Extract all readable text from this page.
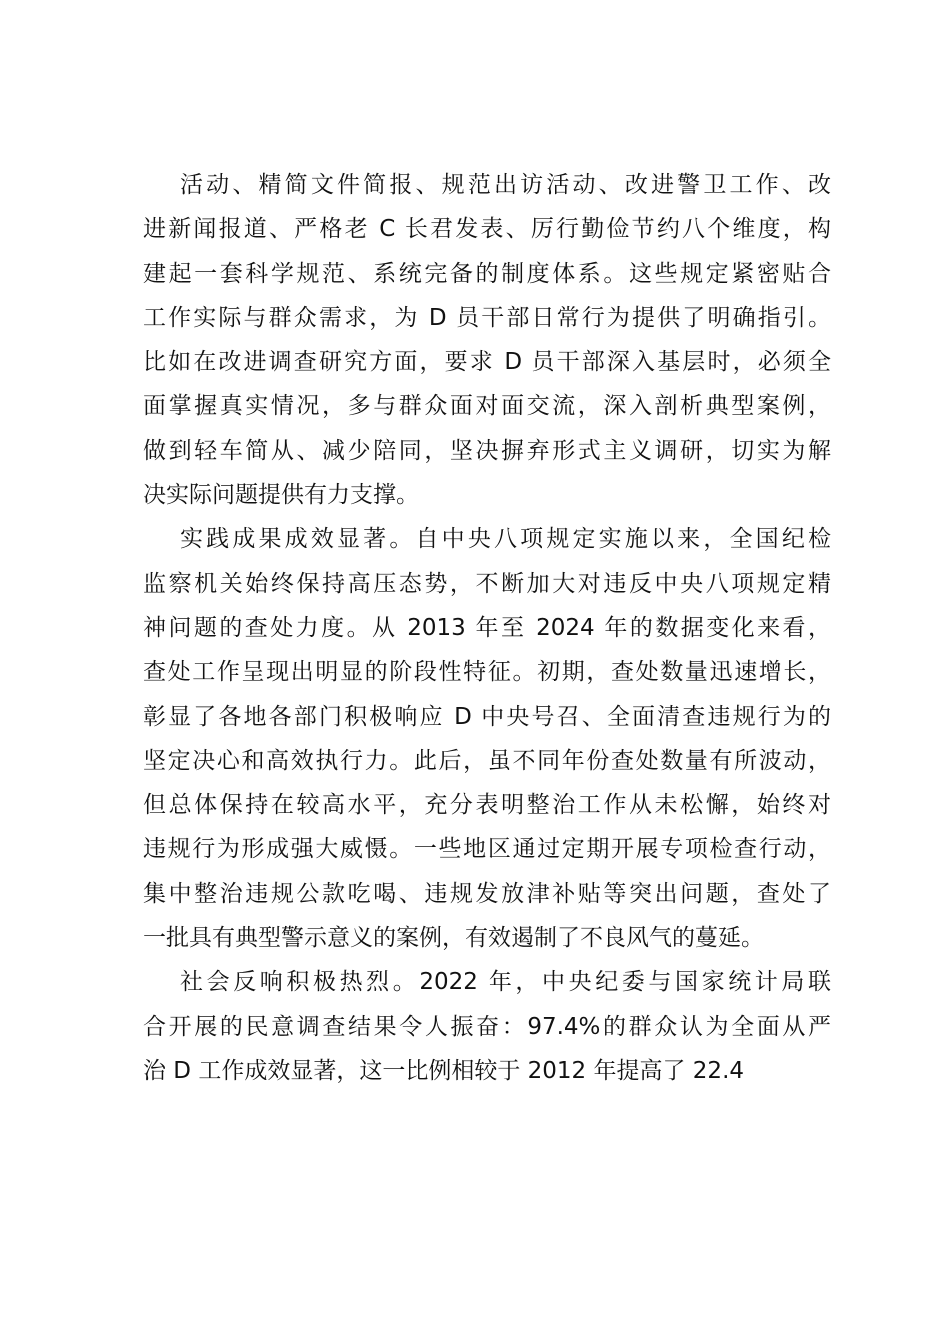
活动、精简文件简报、规范出访活动、改进警卫工作、改
进新闻报道、严格老 C 长君发表、厉行勤俭节约八个维度，构
建起一套科学规范、系统完备的制度体系。这些规定紧密贴合
工作实际与群众需求，为 D 员干部日常行为提供了明确指引。
比如在改进调查研究方面，要求 D 员干部深入基层时，必须全
面掌握真实情况，多与群众面对面交流，深入剖析典型案例，
做到轻车简从、减少陪同，坚决摒弃形式主义调研，切实为解
决实际问题提供有力支撑。
实践成果成效显著。自中央八项规定实施以来，全国纪检
监察机关始终保持高压态势，不断加大对违反中央八项规定精
神问题的查处力度。从 2013 年至 2024 年的数据变化来看，
查处工作呈现出明显的阶段性特征。初期，查处数量迅速增长，
彰显了各地各部门积极响应 D 中央号召、全面清查违规行为的
坚定决心和高效执行力。此后，虽不同年份查处数量有所波动，
但总体保持在较高水平，充分表明整治工作从未松懈，始终对
违规行为形成强大威慑。一些地区通过定期开展专项检查行动，
集中整治违规公款吃喝、违规发放津补贴等突出问题，查处了
一批具有典型警示意义的案例，有效遏制了不良风气的蔓延。
社会反响积极热烈。2022 年，中央纪委与国家统计局联
合开展的民意调查结果令人振奋：97.4%的群众认为全面从严
治 D 工作成效显著，这一比例相较于 2012 年提高了 22.4
